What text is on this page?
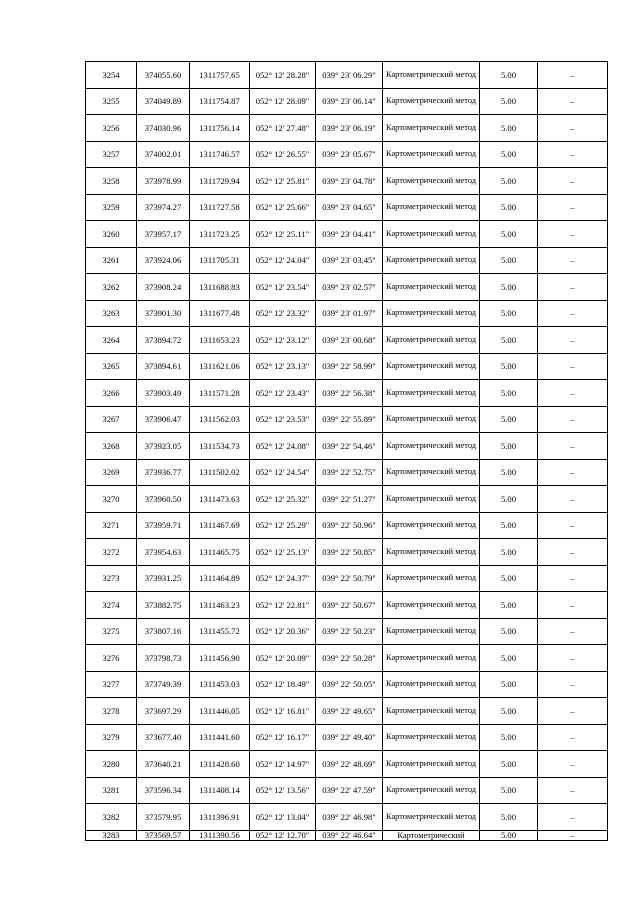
3254	374055.60	1311757.65	052° 12' 28.28"	039° 23' 06.29"	Картометрический метод	5.00	–
3255	374049.89	1311754.87	052° 12' 28.09"	039° 23' 06.14"	Картометрический метод	5.00	–
3256	374030.96	1311756.14	052° 12' 27.48"	039° 23' 06.19"	Картометрический метод	5.00	–
3257	374002.01	1311746.57	052° 12' 26.55"	039° 23' 05.67"	Картометрический метод	5.00	–
3258	373978.99	1311729.94	052° 12' 25.81"	039° 23' 04.78"	Картометрический метод	5.00	–
3259	373974.27	1311727.58	052° 12' 25.66"	039° 23' 04.65"	Картометрический метод	5.00	–
3260	373957.17	1311723.25	052° 12' 25.11"	039° 23' 04.41"	Картометрический метод	5.00	–
3261	373924.06	1311705.31	052° 12' 24.04"	039° 23' 03.45"	Картометрический метод	5.00	–
3262	373908.24	1311688.83	052° 12' 23.54"	039° 23' 02.57"	Картометрический метод	5.00	–
3263	373901.30	1311677.48	052° 12' 23.32"	039° 23' 01.97"	Картометрический метод	5.00	–
3264	373894.72	1311653.23	052° 12' 23.12"	039° 23' 00.68"	Картометрический метод	5.00	–
3265	373894.61	1311621.06	052° 12' 23.13"	039° 22' 58.99"	Картометрический метод	5.00	–
3266	373903.49	1311571.28	052° 12' 23.43"	039° 22' 56.38"	Картометрический метод	5.00	–
3267	373906.47	1311562.03	052° 12' 23.53"	039° 22' 55.89"	Картометрический метод	5.00	–
3268	373923.05	1311534.73	052° 12' 24.08"	039° 22' 54.46"	Картометрический метод	5.00	–
3269	373936.77	1311502.02	052° 12' 24.54"	039° 22' 52.75"	Картометрический метод	5.00	–
3270	373960.50	1311473.63	052° 12' 25.32"	039° 22' 51.27"	Картометрический метод	5.00	–
3271	373959.71	1311467.69	052° 12' 25.29"	039° 22' 50.96"	Картометрический метод	5.00	–
3272	373954.63	1311465.75	052° 12' 25.13"	039° 22' 50.85"	Картометрический метод	5.00	–
3273	373931.25	1311464.89	052° 12' 24.37"	039° 22' 50.79"	Картометрический метод	5.00	–
3274	373882.75	1311463.23	052° 12' 22.81"	039° 22' 50.67"	Картометрический метод	5.00	–
3275	373807.16	1311455.72	052° 12' 20.36"	039° 22' 50.23"	Картометрический метод	5.00	–
3276	373798.73	1311456.90	052° 12' 20.09"	039° 22' 50.28"	Картометрический метод	5.00	–
3277	373749.39	1311453.03	052° 12' 18.49"	039° 22' 50.05"	Картометрический метод	5.00	–
3278	373697.29	1311446.05	052° 12' 16.81"	039° 22' 49.65"	Картометрический метод	5.00	–
3279	373677.40	1311441.60	052° 12' 16.17"	039° 22' 49.40"	Картометрический метод	5.00	–
3280	373640.21	1311428.60	052° 12' 14.97"	039° 22' 48.69"	Картометрический метод	5.00	–
3281	373596.34	1311408.14	052° 12' 13.56"	039° 22' 47.59"	Картометрический метод	5.00	–
3282	373579.95	1311396.91	052° 12' 13.04"	039° 22' 46.98"	Картометрический метод	5.00	–
3283	373569.57	1311390.56	052° 12' 12.70"	039° 22' 46.64"	Картометрический	5.00	–
